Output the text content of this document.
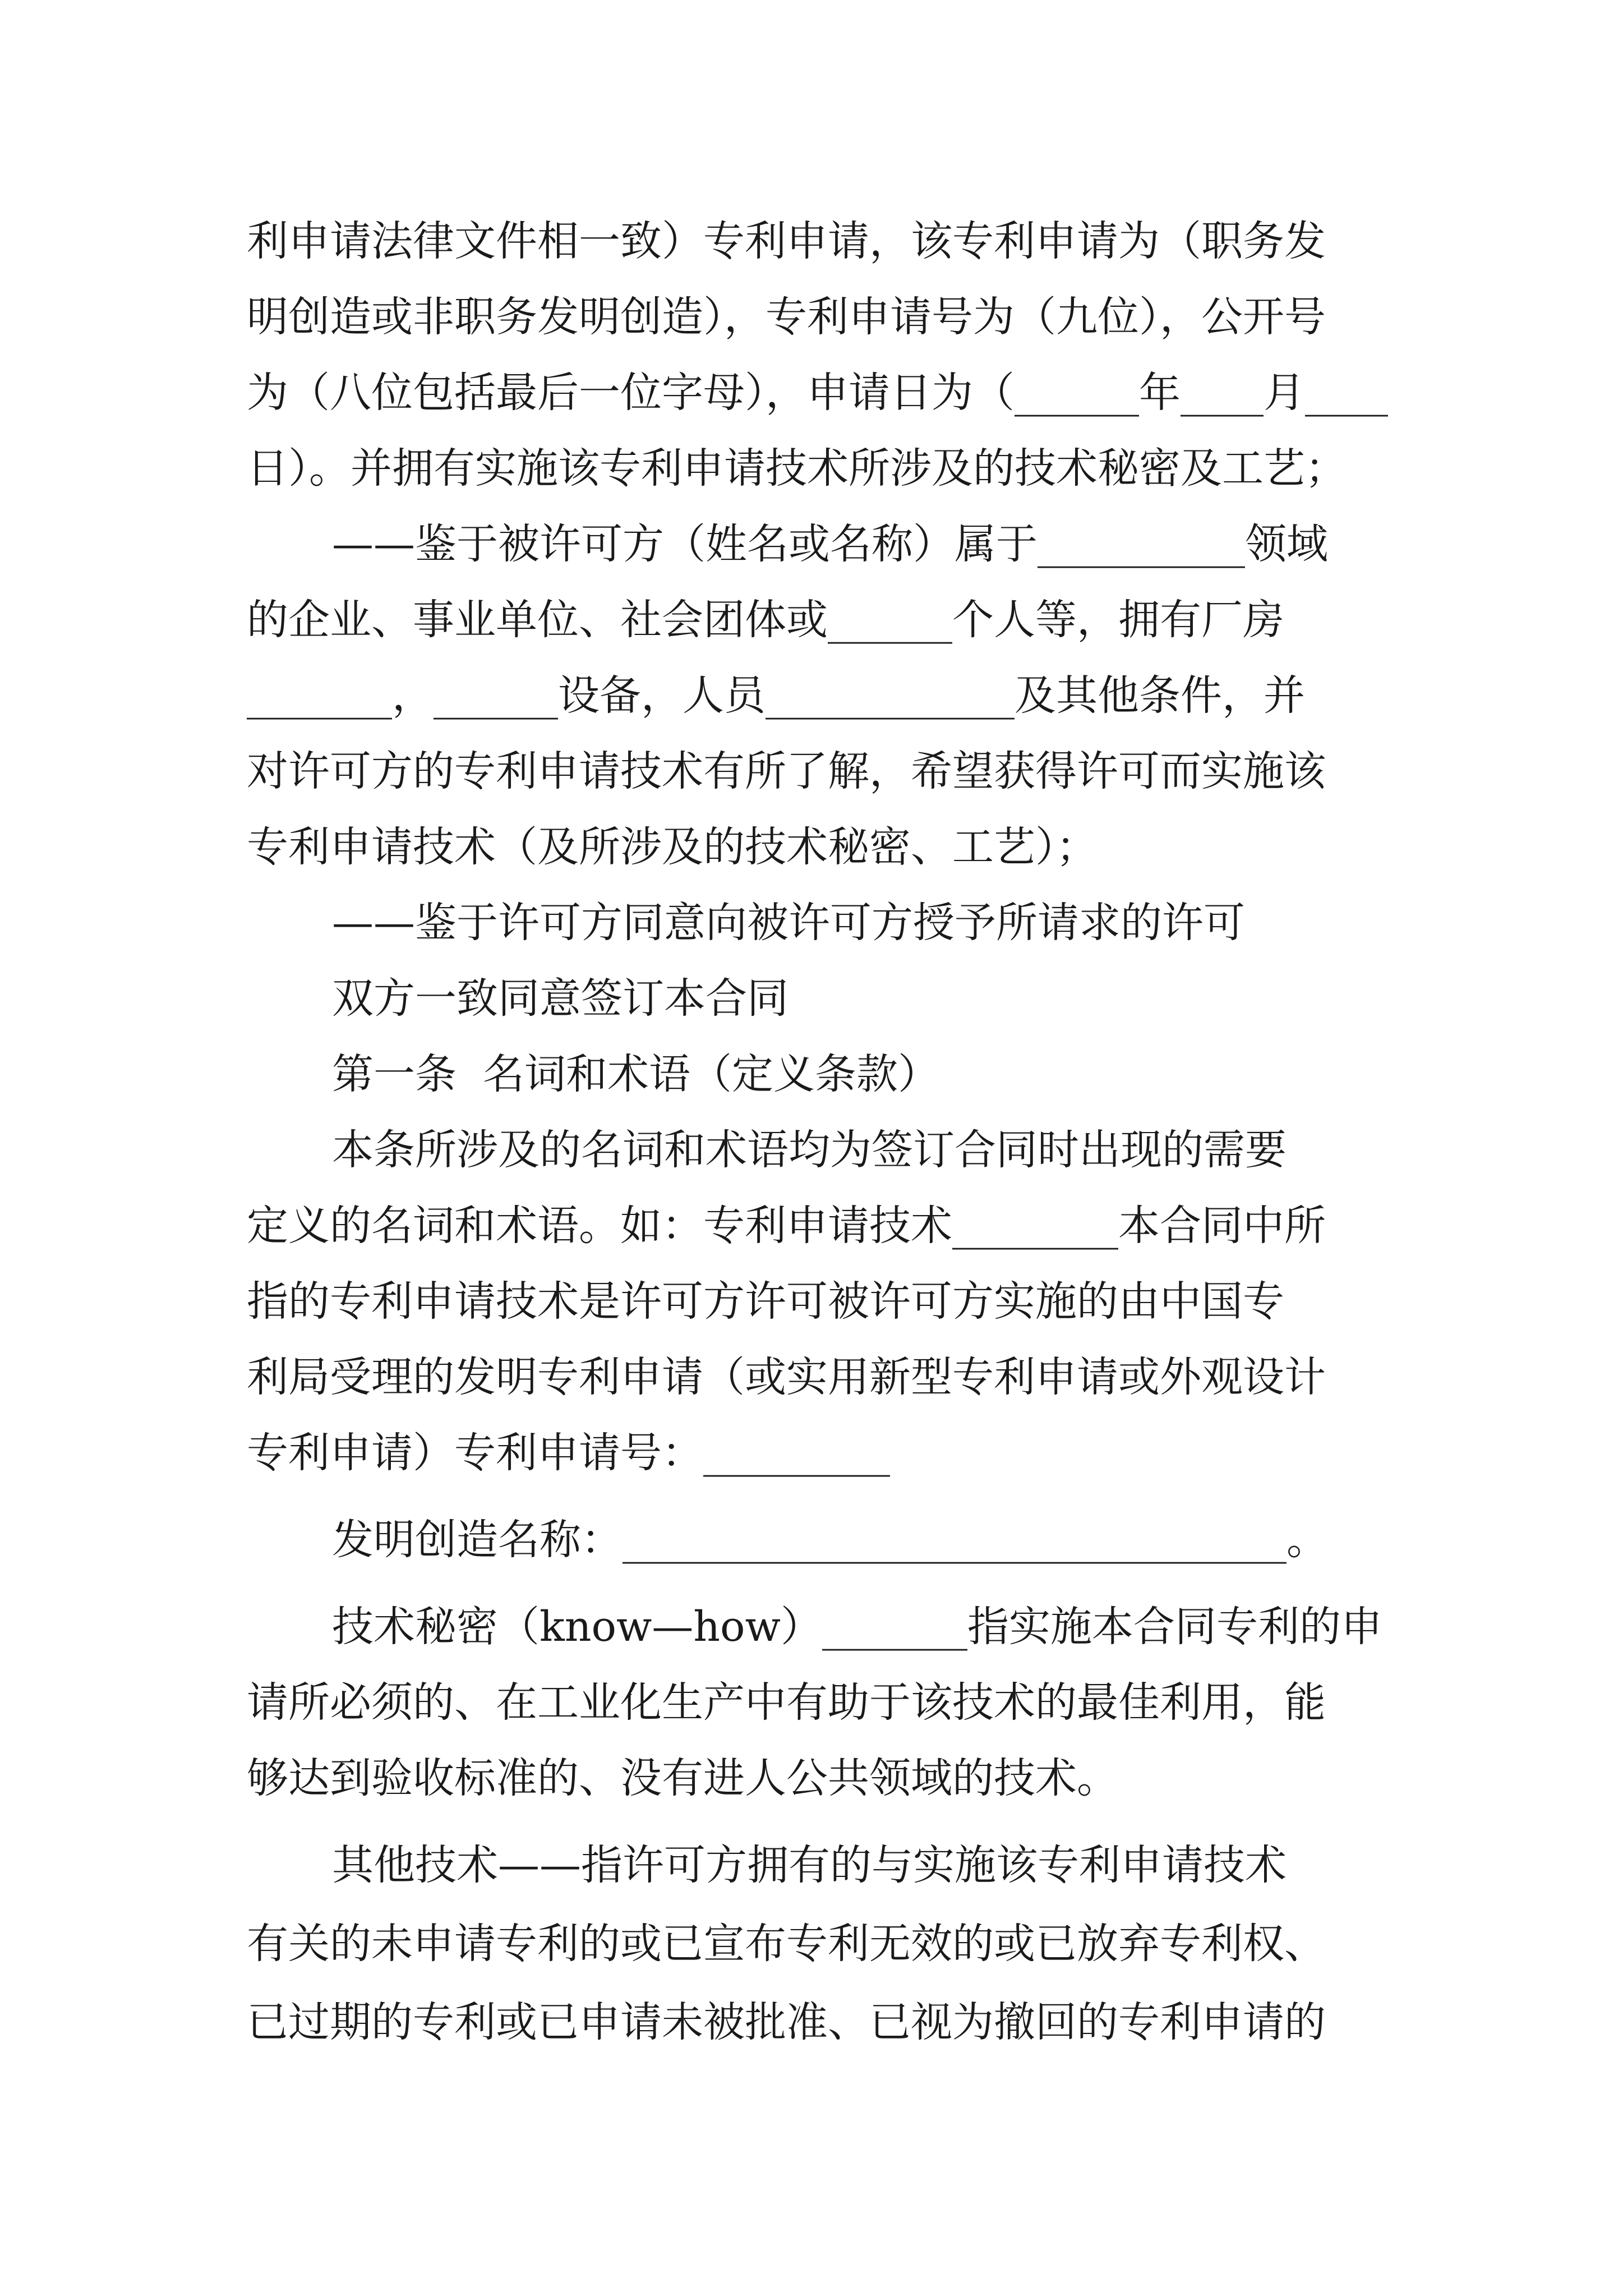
利申请法律文件相一致）专利申请，该专利申请为（职务发
明创造或非职务发明创造），专利申请号为（九位），公开号
为（八位包括最后一位字母），申请日为（______年____月____
日）。并拥有实施该专利申请技术所涉及的技术秘密及工艺；
——鉴于被许可方（姓名或名称）属于__________领域
的企业、事业单位、社会团体或______个人等，拥有厂房
_______，______设备，人员____________及其他条件，并
对许可方的专利申请技术有所了解，希望获得许可而实施该
专利申请技术（及所涉及的技术秘密、工艺）；
——鉴于许可方同意向被许可方授予所请求的许可
双方一致同意签订本合同
第一条  名词和术语（定义条款）
本条所涉及的名词和术语均为签订合同时出现的需要
定义的名词和术语。如：专利申请技术________本合同中所
指的专利申请技术是许可方许可被许可方实施的由中国专
利局受理的发明专利申请（或实用新型专利申请或外观设计
专利申请）专利申请号：_________
发明创造名称：________________________________。
技术秘密（know—how）_______指实施本合同专利的申
请所必须的、在工业化生产中有助于该技术的最佳利用，能
够达到验收标准的、没有进人公共领域的技术。
其他技术——指许可方拥有的与实施该专利申请技术
有关的未申请专利的或已宣布专利无效的或已放弃专利权、
已过期的专利或已申请未被批准、已视为撤回的专利申请的
